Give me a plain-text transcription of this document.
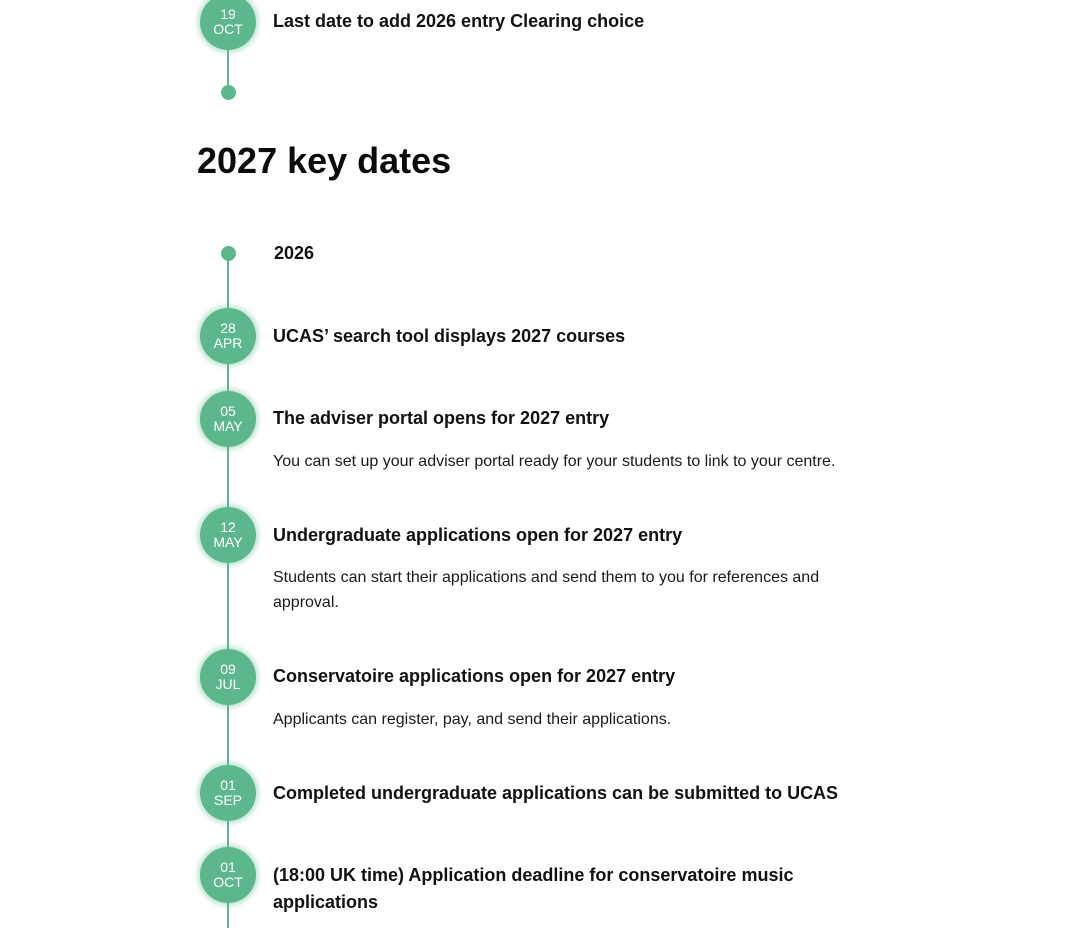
19
OCT Last date to add 2026 entry Clearing choice
2027 key dates
2026
28
APR UCAS’ search tool displays 2027 courses
05
MAY The adviser portal opens for 2027 entry
You can set up your adviser portal ready for your students to link to your centre.
12
MAY Undergraduate applications open for 2027 entry
Students can start their applications and send them to you for references and approval.
09
JUL Conservatoire applications open for 2027 entry
Applicants can register, pay, and send their applications.
01
SEP Completed undergraduate applications can be submitted to UCAS
01
OCT (18:00 UK time) Application deadline for conservatoire music applications
